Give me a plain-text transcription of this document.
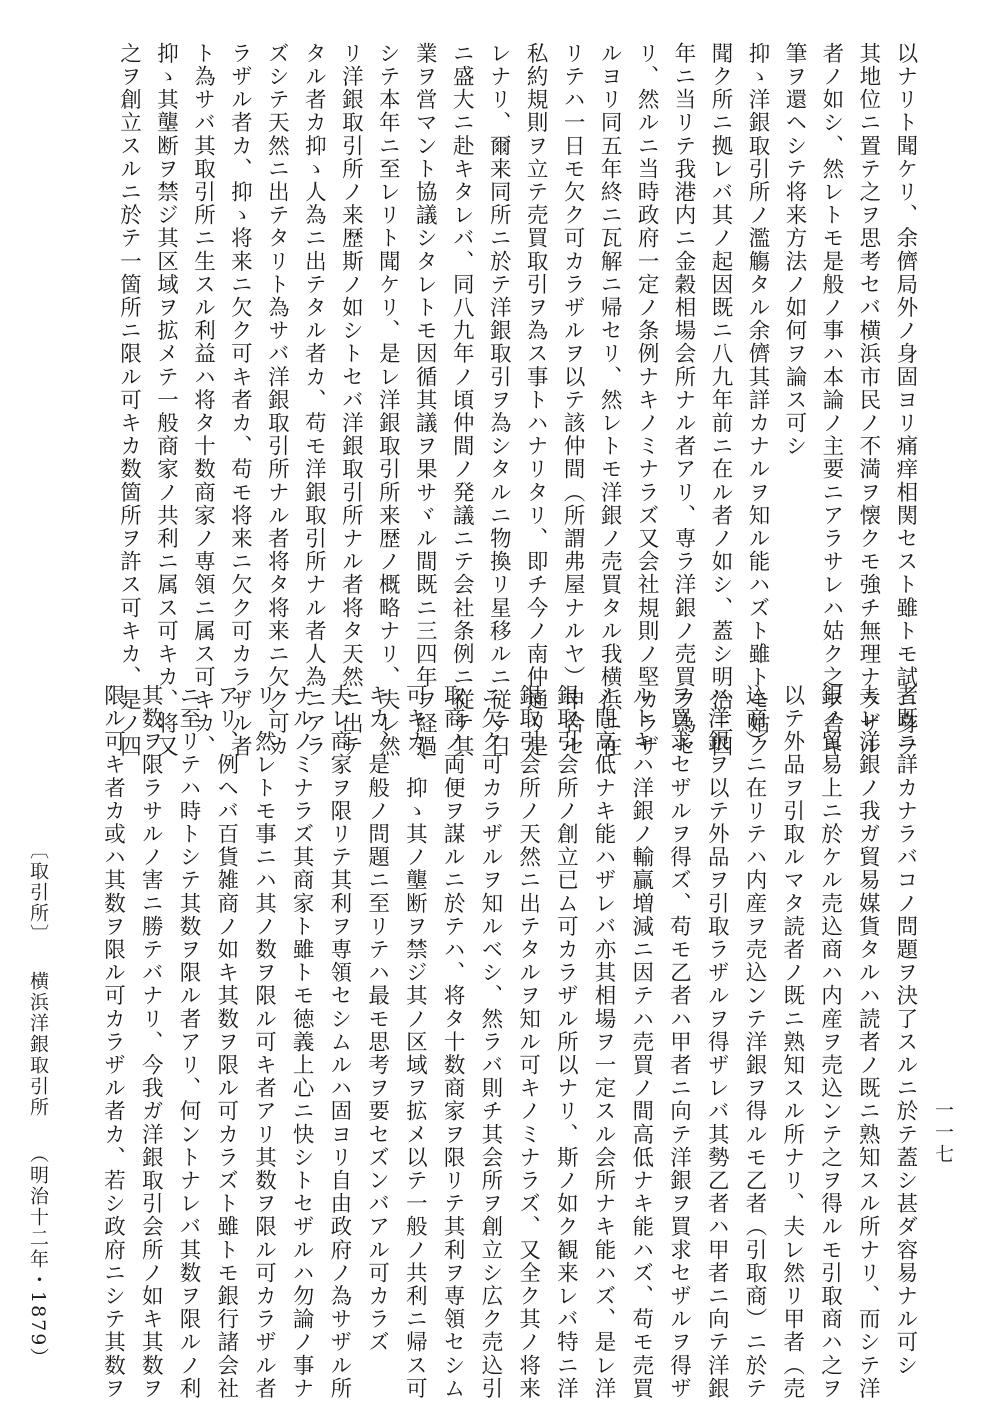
以ナリト聞ケリ、余儕局外ノ身固ヨリ痛痒相関セスト雖トモ試ニ身ヲ
其地位ニ置テ之ヲ思考セバ横浜市民ノ不満ヲ懐クモ強チ無理ナラザル
者ノ如シ、然レトモ是般ノ事ハ本論ノ主要ニアラサレハ姑ク之ヲ舎キ
筆ヲ還ヘシテ将来方法ノ如何ヲ論ス可シ
抑ゝ洋銀取引所ノ濫觴タル余儕其詳カナルヲ知ル能ハズト雖トモ姑ク
聞ク所ニ拠レバ其ノ起因既ニ八九年前ニ在ル者ノ如シ、蓋シ明治三四
年ニ当リテ我港内ニ金穀相場会所ナル者アリ、専ラ洋銀ノ売買ヲ為セ
リ、然ルニ当時政府一定ノ条例ナキノミナラズ又会社規則ノ堅カラザ
ルヨリ同五年終ニ瓦解ニ帰セリ、然レトモ洋銀ノ売買タル我横浜ニ在
リテハ一日モ欠ク可カラザルヲ以テ該仲間（所謂弗屋ナルヤ）申合セ
私約規則ヲ立テ売買取引ヲ為ス事トハナリタリ、即チ今ノ南仲通リ是
レナリ、爾来同所ニ於テ洋銀取引ヲ為シタルニ物換リ星移ルニ従テ日
ニ盛大ニ赴キタレバ、同八九年ノ頃仲間ノ発議ニテ会社条例ニ従テ其
業ヲ営マント協議シタレトモ因循其議ヲ果サヾル間既ニ三四年ヲ経過
シテ本年ニ至レリト聞ケリ、是レ洋銀取引所来歴ノ概略ナリ、夫レ然
リ洋銀取引所ノ来歴斯ノ如シトセバ洋銀取引所ナル者将タ天然ニ出テ
タル者カ抑ゝ人為ニ出テタル者カ、苟モ洋銀取引所ナル者人為ニアラ
ズシテ天然ニ出テタリト為サバ洋銀取引所ナル者将タ将来ニ欠ク可カ
ラザル者カ、抑ゝ将来ニ欠ク可キ者カ、苟モ将来ニ欠ク可カラザル者
ト為サバ其取引所ニ生スル利益ハ将タ十数商家ノ専領ニ属ス可キカ、
抑ゝ其壟断ヲ禁ジ其区域ヲ拡メテ一般商家ノ共利ニ属ス可キカ、将又
之ヲ創立スルニ於テ一箇所ニ限ル可キカ数箇所ヲ許ス可キカ、是ノ四
者既ニ詳カナラバコノ問題ヲ決了スルニ於テ蓋シ甚ダ容易ナル可シ
夫レ洋銀ノ我ガ貿易媒貨タルハ読者ノ既ニ熟知スル所ナリ、而シテ洋
銀ノ貿易上ニ於ケル売込商ハ内産ヲ売込ンテ之ヲ得ルモ引取商ハ之ヲ
以テ外品ヲ引取ルマタ読者ノ既ニ熟知スル所ナリ、夫レ然リ甲者（売
込商）ニ在リテハ内産ヲ売込ンテ洋銀ヲ得ルモ乙者（引取商）ニ於テ
ハ洋銀ヲ以テ外品ヲ引取ラザルヲ得ザレバ其勢乙者ハ甲者ニ向テ洋銀
ヲ買求セザルヲ得ズ、苟モ乙者ハ甲者ニ向テ洋銀ヲ買求セザルヲ得ザ
ルトキハ洋銀ノ輸贏増減ニ因テハ売買ノ間高低ナキ能ハズ、苟モ売買
ノ間高低ナキ能ハザレバ亦其相場ヲ一定スル会所ナキ能ハズ、是レ洋
銀取引会所ノ創立已ム可カラザル所以ナリ、斯ノ如ク観来レバ特ニ洋
銀取引会所ノ天然ニ出テタルヲ知ル可キノミナラズ、又全ク其ノ将来
ニ欠ク可カラザルヲ知ルベシ、然ラバ則チ其会所ヲ創立シ広ク売込引
取商ノ両便ヲ謀ルニ於テハ、将タ十数商家ヲ限リテ其利ヲ専領セシム
可キカ、抑ゝ其ノ壟断ヲ禁ジ其ノ区域ヲ拡メ以テ一般ノ共利ニ帰ス可
キカ、是般ノ問題ニ至リテハ最モ思考ヲ要セズンバアル可カラズ
夫レ商家ヲ限リテ其利ヲ専領セシムルハ固ヨリ自由政府ノ為サザル所
ナルノミナラズ其商家ト雖トモ徳義上心ニ快シトセザルハ勿論ノ事ナ
リ、然レトモ事ニハ其ノ数ヲ限ル可キ者アリ其数ヲ限ル可カラザル者
アリ、例ヘバ百貨雑商ノ如キ其数ヲ限ル可カラズト雖トモ銀行諸会社
ニ至リテハ時トシテ其数ヲ限ル者アリ、何ントナレバ其数ヲ限ルノ利
其数ヲ限ラサルノ害ニ勝テバナリ、今我ガ洋銀取引会所ノ如キ其数ヲ
限ル可キ者カ或ハ其数ヲ限ル可カラザル者カ、若シ政府ニシテ其数ヲ	一一七
〔取引所〕横浜洋銀取引所（明治十二年・1879）
